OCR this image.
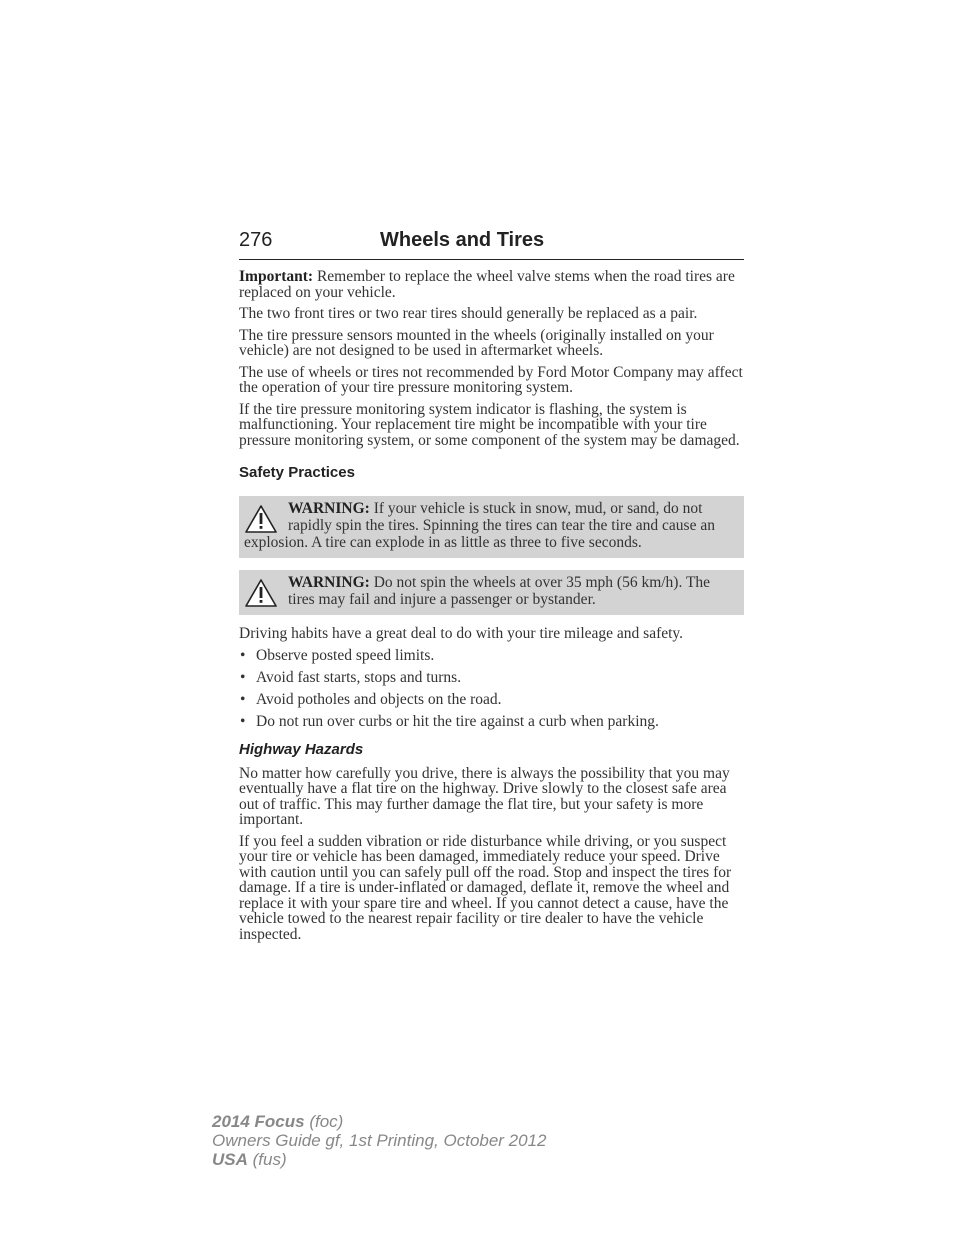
276	Wheels and Tires

Important: Remember to replace the wheel valve stems when the road tires are replaced on your vehicle.

The two front tires or two rear tires should generally be replaced as a pair.

The tire pressure sensors mounted in the wheels (originally installed on your vehicle) are not designed to be used in aftermarket wheels.

The use of wheels or tires not recommended by Ford Motor Company may affect the operation of your tire pressure monitoring system.

If the tire pressure monitoring system indicator is flashing, the system is malfunctioning. Your replacement tire might be incompatible with your tire pressure monitoring system, or some component of the system may be damaged.

Safety Practices
WARNING: If your vehicle is stuck in snow, mud, or sand, do not rapidly spin the tires. Spinning the tires can tear the tire and cause an explosion. A tire can explode in as little as three to five seconds.
WARNING: Do not spin the wheels at over 35 mph (56 km/h). The tires may fail and injure a passenger or bystander.

Driving habits have a great deal to do with your tire mileage and safety.

• Observe posted speed limits.
• Avoid fast starts, stops and turns.
• Avoid potholes and objects on the road.
• Do not run over curbs or hit the tire against a curb when parking.
Highway Hazards

No matter how carefully you drive, there is always the possibility that you may eventually have a flat tire on the highway. Drive slowly to the closest safe area out of traffic. This may further damage the flat tire, but your safety is more important.

If you feel a sudden vibration or ride disturbance while driving, or you suspect your tire or vehicle has been damaged, immediately reduce your speed. Drive with caution until you can safely pull off the road. Stop and inspect the tires for damage. If a tire is under-inflated or damaged, deflate it, remove the wheel and replace it with your spare tire and wheel. If you cannot detect a cause, have the vehicle towed to the nearest repair facility or tire dealer to have the vehicle inspected.

2014 Focus (foc)
Owners Guide gf, 1st Printing, October 2012
USA (fus)
